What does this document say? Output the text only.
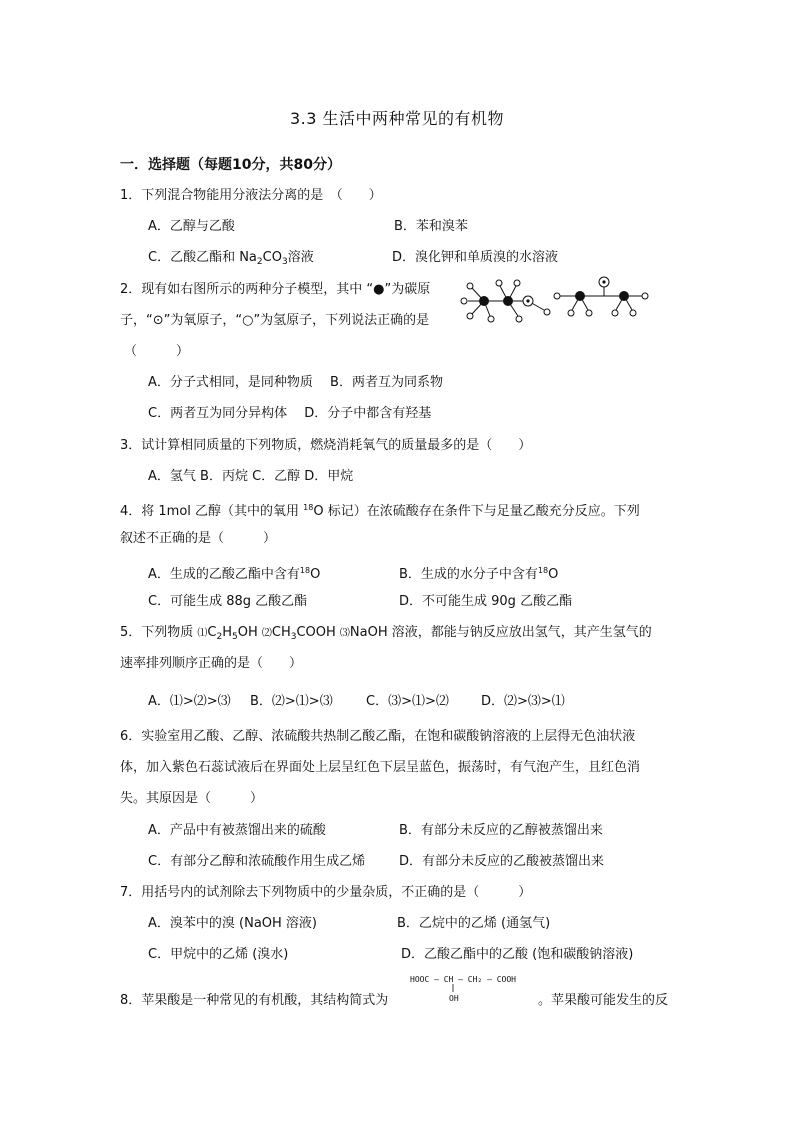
3.3 生活中两种常见的有机物
一．选择题（每题10分，共80分）
1．下列混合物能用分液法分离的是　（　　）
A．乙醇与乙酸	B．苯和溴苯
C．乙酸乙酯和 $Na_2CO_3$溶液	D．溴化钾和单质溴的水溶液
2．现有如右图所示的两种分子模型，其中 “●”为碳原
子，“⊙”为氧原子，“○”为氢原子，下列说法正确的是
（　　　）
A．分子式相同，是同种物质　 B．两者互为同系物
C．两者互为同分异构体　 D．分子中都含有羟基
3．试计算相同质量的下列物质，燃烧消耗氧气的质量最多的是（　　）
A．氢气 B．丙烷 C．乙醇 D．甲烷
4．将 1mol 乙醇（其中的氧用 $^{18}$O 标记）在浓硫酸存在条件下与足量乙酸充分反应。下列
叙述不正确的是（　　　）
A．生成的乙酸乙酯中含有$^{18}$O	B．生成的水分子中含有$^{18}$O
C．可能生成 88g 乙酸乙酯	D．不可能生成 90g 乙酸乙酯
5．下列物质 $⑴C_2H_5OH$ $⑵CH_3COOH$ ⑶NaOH 溶液，都能与钠反应放出氢气，其产生氢气的
速率排列顺序正确的是（　　）
A．⑴>⑵>⑶ B．⑵>⑴>⑶	C．⑶>⑴>⑵ D．⑵>⑶>⑴
6．实验室用乙酸、乙醇、浓硫酸共热制乙酸乙酯，在饱和碳酸钠溶液的上层得无色油状液
体，加入紫色石蕊试液后在界面处上层呈红色下层呈蓝色，振荡时，有气泡产生，且红色消
失。其原因是（　　　）
A．产品中有被蒸馏出来的硫酸	B．有部分未反应的乙醇被蒸馏出来
C．有部分乙醇和浓硫酸作用生成乙烯	D．有部分未反应的乙酸被蒸馏出来
7．用括号内的试剂除去下列物质中的少量杂质，不正确的是（　　　）
A．溴苯中的溴 (NaOH 溶液)	B．乙烷中的乙烯 (通氢气)
C．甲烷中的乙烯 (溴水)	D．乙酸乙酯中的乙酸 (饱和碳酸钠溶液)
8．苹果酸是一种常见的有机酸，其结构简式为
HOOC — CH — CH₂ — COOH
OH	。苹果酸可能发生的反
